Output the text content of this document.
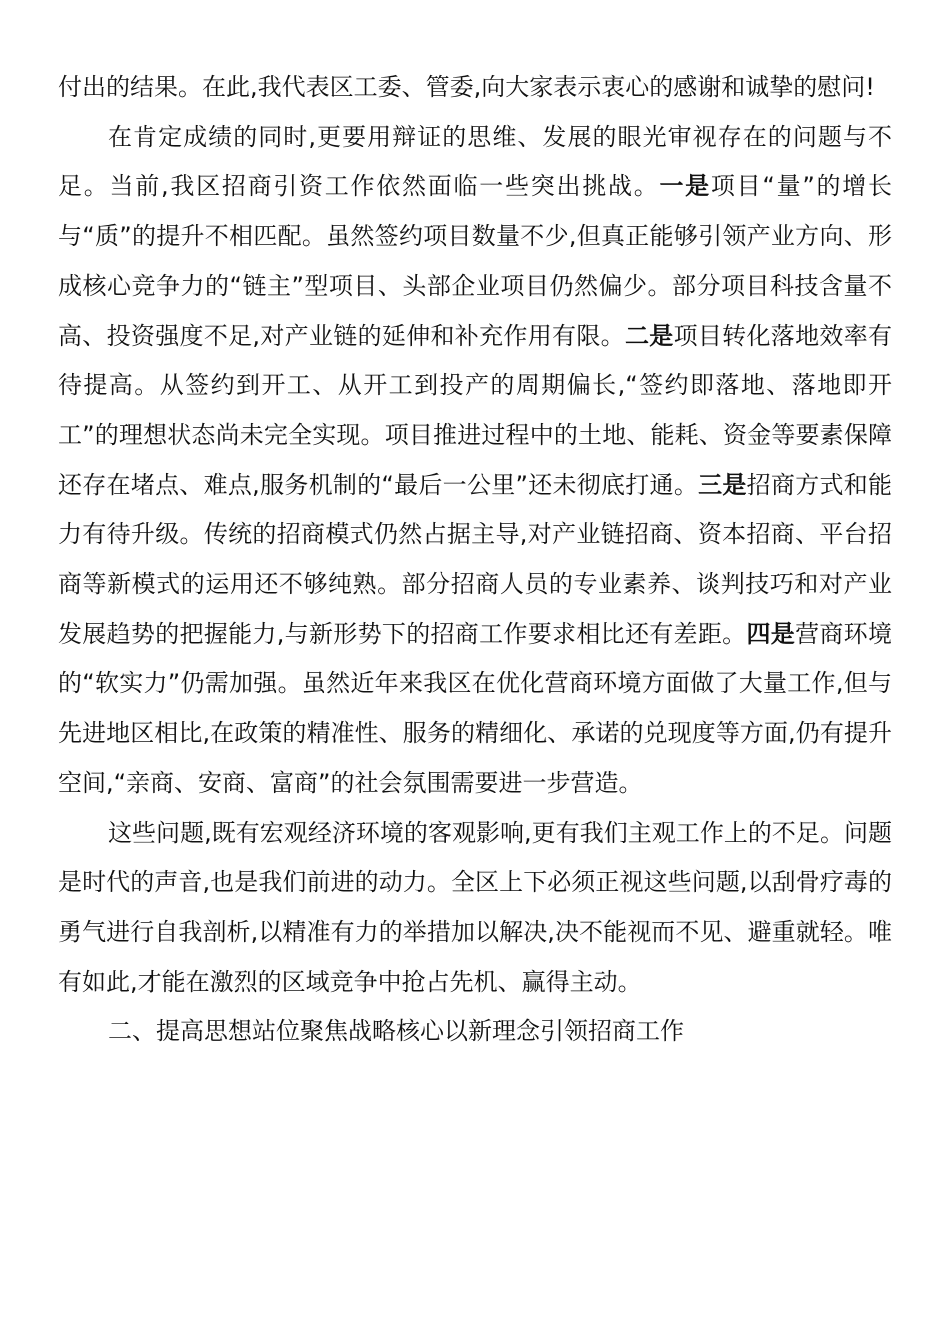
付出的结果。在此,我代表区工委、管委,向大家表示衷心的感谢和诚挚的慰问!

在肯定成绩的同时,更要用辩证的思维、发展的眼光审视存在的问题与不足。当前,我区招商引资工作依然面临一些突出挑战。一是项目“量”的增长与“质”的提升不相匹配。虽然签约项目数量不少,但真正能够引领产业方向、形成核心竞争力的“链主”型项目、头部企业项目仍然偏少。部分项目科技含量不高、投资强度不足,对产业链的延伸和补充作用有限。二是项目转化落地效率有待提高。从签约到开工、从开工到投产的周期偏长,“签约即落地、落地即开工”的理想状态尚未完全实现。项目推进过程中的土地、能耗、资金等要素保障还存在堵点、难点,服务机制的“最后一公里”还未彻底打通。三是招商方式和能力有待升级。传统的招商模式仍然占据主导,对产业链招商、资本招商、平台招商等新模式的运用还不够纯熟。部分招商人员的专业素养、谈判技巧和对产业发展趋势的把握能力,与新形势下的招商工作要求相比还有差距。四是营商环境的“软实力”仍需加强。虽然近年来我区在优化营商环境方面做了大量工作,但与先进地区相比,在政策的精准性、服务的精细化、承诺的兑现度等方面,仍有提升空间,“亲商、安商、富商”的社会氛围需要进一步营造。

这些问题,既有宏观经济环境的客观影响,更有我们主观工作上的不足。问题是时代的声音,也是我们前进的动力。全区上下必须正视这些问题,以刮骨疗毒的勇气进行自我剖析,以精准有力的举措加以解决,决不能视而不见、避重就轻。唯有如此,才能在激烈的区域竞争中抢占先机、赢得主动。

二、提高思想站位聚焦战略核心以新理念引领招商工作
